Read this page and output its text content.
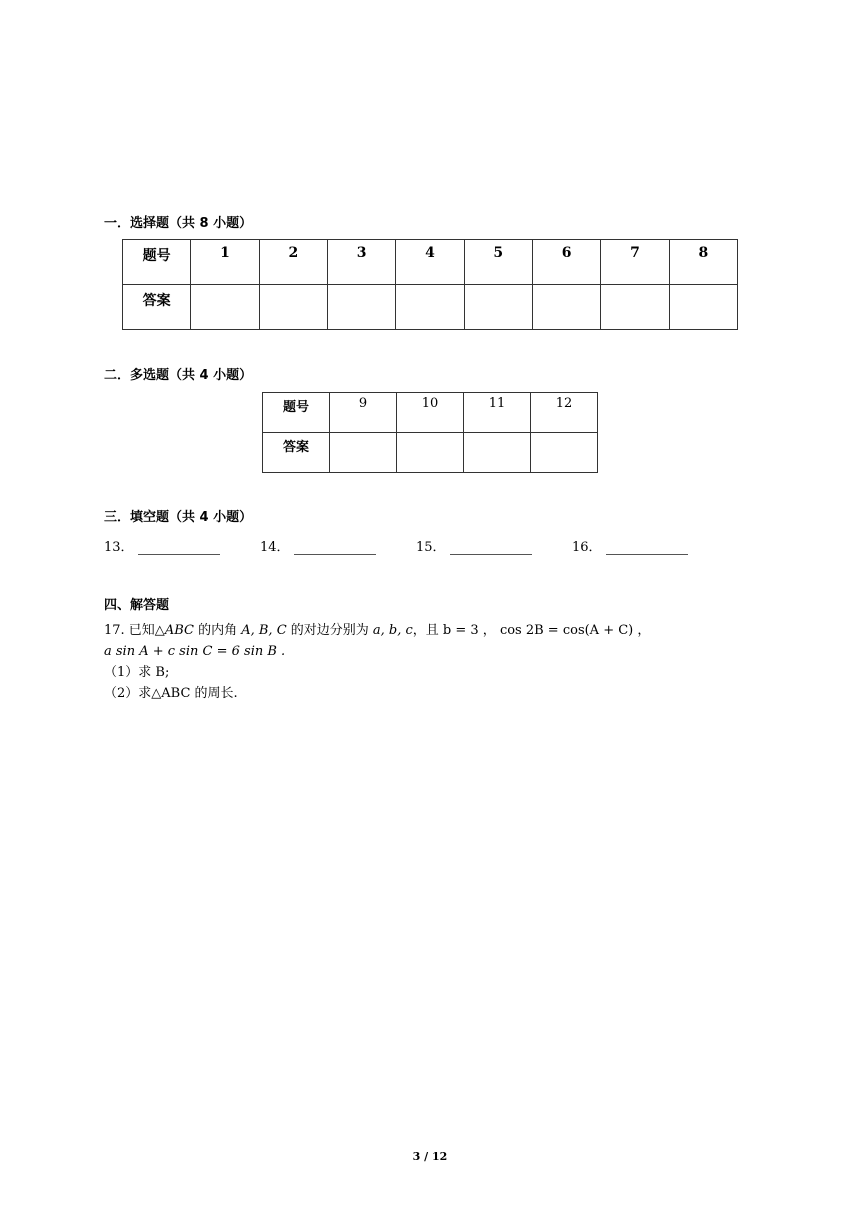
一．选择题（共 8 小题）
题号	1	2	3	4	5	6	7	8
答案								
二．多选题（共 4 小题）
题号	9	10	11	12
答案				
三．填空题（共 4 小题）
13．	14．	15．	16．
四、解答题
17. 已知△ABC 的内角 A, B, C 的对边分别为 a, b, c，且 b = 3 ， cos 2B = cos(A + C) ，
a sin A + c sin C = 6 sin B .
（1）求 B;
（2）求△ABC 的周长.
3 / 12
